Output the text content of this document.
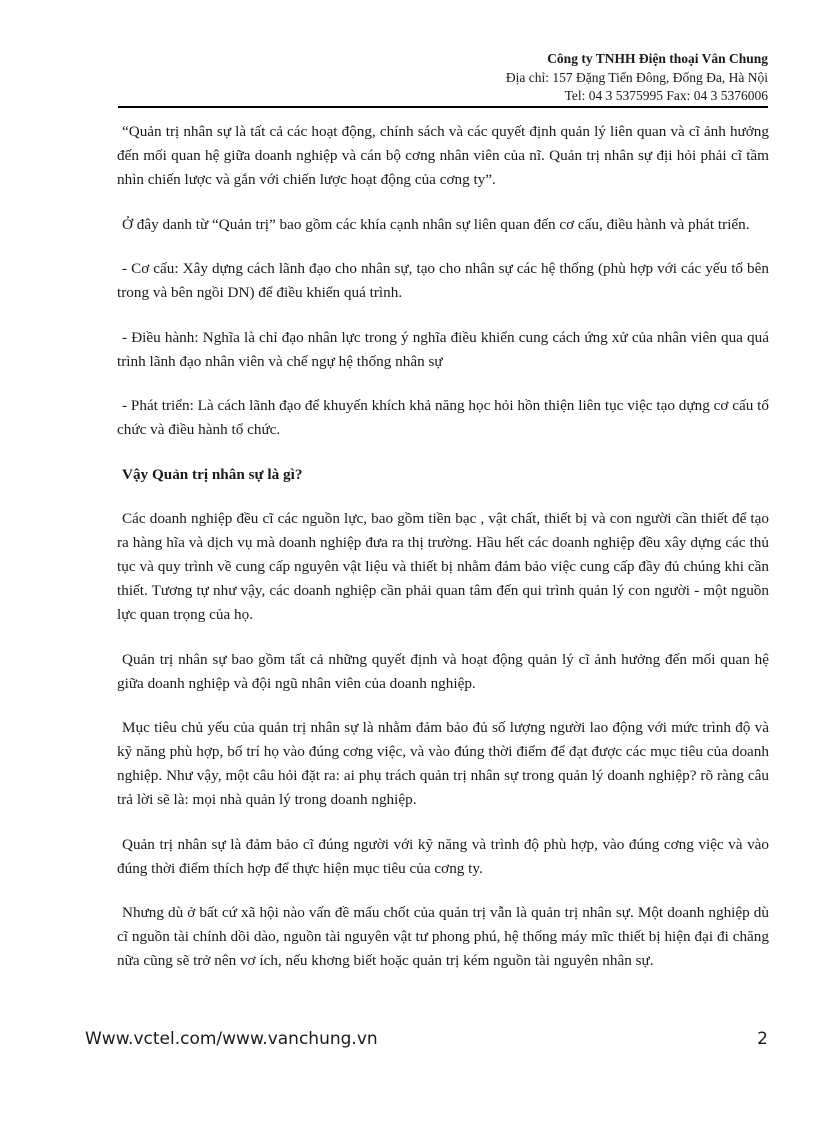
Công ty TNHH Điện thoại Vân Chung
Địa chỉ: 157 Đặng Tiến Đông, Đống Đa, Hà Nội
Tel: 04 3 5375995 Fax: 04 3 5376006

“Quản trị nhân sự là tất cả các hoạt động, chính sách và các quyết định quản lý liên quan và cĩ ảnh hưởng đến mối quan hệ giữa doanh nghiệp và cán bộ cơng nhân viên của nĩ. Quản trị nhân sự địi hỏi phải cĩ tầm nhìn chiến lược và gắn với chiến lược hoạt động của cơng ty”.

Ở đây danh từ “Quản trị” bao gồm các khía cạnh nhân sự liên quan đến cơ cấu, điều hành và phát triển.

- Cơ cấu: Xây dựng cách lãnh đạo cho nhân sự, tạo cho nhân sự các hệ thống (phù hợp với các yếu tố bên trong và bên ngồi DN) để điều khiển quá trình.

- Điều hành: Nghĩa là chỉ đạo nhân lực trong ý nghĩa điều khiển cung cách ứng xử của nhân viên qua quá trình lãnh đạo nhân viên và chế ngự hệ thống nhân sự

- Phát triển: Là cách lãnh đạo để khuyến khích khả năng học hỏi hồn thiện liên tục việc tạo dựng cơ cấu tổ chức và điều hành tổ chức.

Vậy Quản trị nhân sự là gì?

Các doanh nghiệp đều cĩ các nguồn lực, bao gồm tiền bạc , vật chất, thiết bị và con người cần thiết để tạo ra hàng hĩa và dịch vụ mà doanh nghiệp đưa ra thị trường. Hầu hết các doanh nghiệp đều xây dựng các thủ tục và quy trình về cung cấp nguyên vật liệu và thiết bị nhằm đảm bảo việc cung cấp đầy đủ chúng khi cần thiết. Tương tự như vậy, các doanh nghiệp cần phải quan tâm đến qui trình quản lý con người - một nguồn lực quan trọng của họ.

Quản trị nhân sự bao gồm tất cả những quyết định và hoạt động quản lý cĩ ảnh hưởng đến mối quan hệ giữa doanh nghiệp và đội ngũ nhân viên của doanh nghiệp.

Mục tiêu chủ yếu của quản trị nhân sự là nhằm đảm bảo đủ số lượng người lao động với mức trình độ và kỹ năng phù hợp, bố trí họ vào đúng cơng việc, và vào đúng thời điểm để đạt được các mục tiêu của doanh nghiệp. Như vậy, một câu hỏi đặt ra: ai phụ trách quản trị nhân sự trong quản lý doanh nghiệp? rõ ràng câu trả lời sẽ là: mọi nhà quản lý trong doanh nghiệp.

Quản trị nhân sự là đảm bảo cĩ đúng người với kỹ năng và trình độ phù hợp, vào đúng cơng việc và vào đúng thời điểm thích hợp để thực hiện mục tiêu của cơng ty.

Nhưng dù ở bất cứ xã hội nào vấn đề mấu chốt của quản trị vẫn là quản trị nhân sự. Một doanh nghiệp dù cĩ nguồn tài chính dồi dào, nguồn tài nguyên vật tư phong phú, hệ thống máy mĩc thiết bị hiện đại đi chăng nữa cũng sẽ trở nên vơ ích, nếu khơng biết hoặc quản trị kém nguồn tài nguyên nhân sự.

Www.vctel.com/www.vanchung.vn	2
